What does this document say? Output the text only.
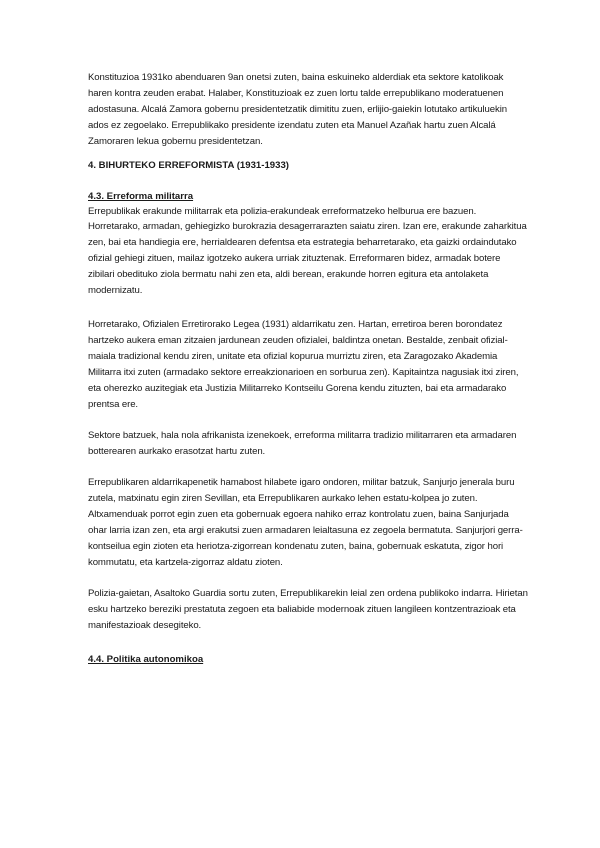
Konstituzioa 1931ko abenduaren 9an onetsi zuten, baina eskuineko alderdiak eta sektore katolikoak haren kontra zeuden erabat. Halaber, Konstituzioak ez zuen lortu talde errepublikano moderatuenen adostasuna. Alcalá Zamora gobernu presidentetzatik dimititu zuen, erlijio-gaiekin lotutako artikuluekin ados ez zegoelako. Errepublikako presidente izendatu zuten eta Manuel Azañak hartu zuen Alcalá Zamoraren lekua gobernu presidentetzan.

4. BIHURTEKO ERREFORMISTA (1931-1933)
4.3. Erreforma militarra

Errepublikak erakunde militarrak eta polizia-erakundeak erreformatzeko helburua ere bazuen. Horretarako, armadan, gehiegizko burokrazia desagerrarazten saiatu ziren. Izan ere, erakunde zaharkitua zen, bai eta handiegia ere, herrialdearen defentsa eta estrategia beharretarako, eta gaizki ordaindutako ofizial gehiegi zituen, mailaz igotzeko aukera urriak zituztenak. Erreformaren bidez, armadak botere zibilari obedituko ziola bermatu nahi zen eta, aldi berean, erakunde horren egitura eta antolaketa modernizatu.

Horretarako, Ofizialen Erretirorako Legea (1931) aldarrikatu zen. Hartan, erretiroa beren borondatez hartzeko aukera eman zitzaien jardunean zeuden ofizialei, baldintza onetan. Bestalde, zenbait ofizial-maiala tradizional kendu ziren, unitate eta ofizial kopurua murriztu ziren, eta Zaragozako Akademia Militarra itxi zuten (armadako sektore erreakzionarioen en sorburua zen). Kapitaintza nagusiak itxi ziren, eta oherezko auzitegiak eta Justizia Militarreko Kontseilu Gorena kendu zituzten, bai eta armadarako prentsa ere.

Sektore batzuek, hala nola afrikanista izenekoek, erreforma militarra tradizio militarraren eta armadaren botterearen aurkako erasotzat hartu zuten.

Errepublikaren aldarrikapenetik hamabost hilabete igaro ondoren, militar batzuk, Sanjurjo jenerala buru zutela, matxinatu egin ziren Sevillan, eta Errepublikaren aurkako lehen estatu-kolpea jo zuten. Altxamenduak porrot egin zuen eta gobernuak egoera nahiko erraz kontrolatu zuen, baina Sanjurjada ohar larria izan zen, eta argi erakutsi zuen armadaren leialtasuna ez zegoela bermatuta. Sanjurjori gerra-kontseilua egin zioten eta heriotza-zigorrean kondenatu zuten, baina, gobernuak eskatuta, zigor hori kommutatu, eta kartzela-zigorraz aldatu zioten.

Polizia-gaietan, Asaltoko Guardia sortu zuten, Errepublikarekin leial zen ordena publikoko indarra. Hirietan esku hartzeko bereziki prestatuta zegoen eta baliabide modernoak zituen langileen kontzentrazioak eta manifestazioak desegiteko.

4.4. Politika autonomikoa
